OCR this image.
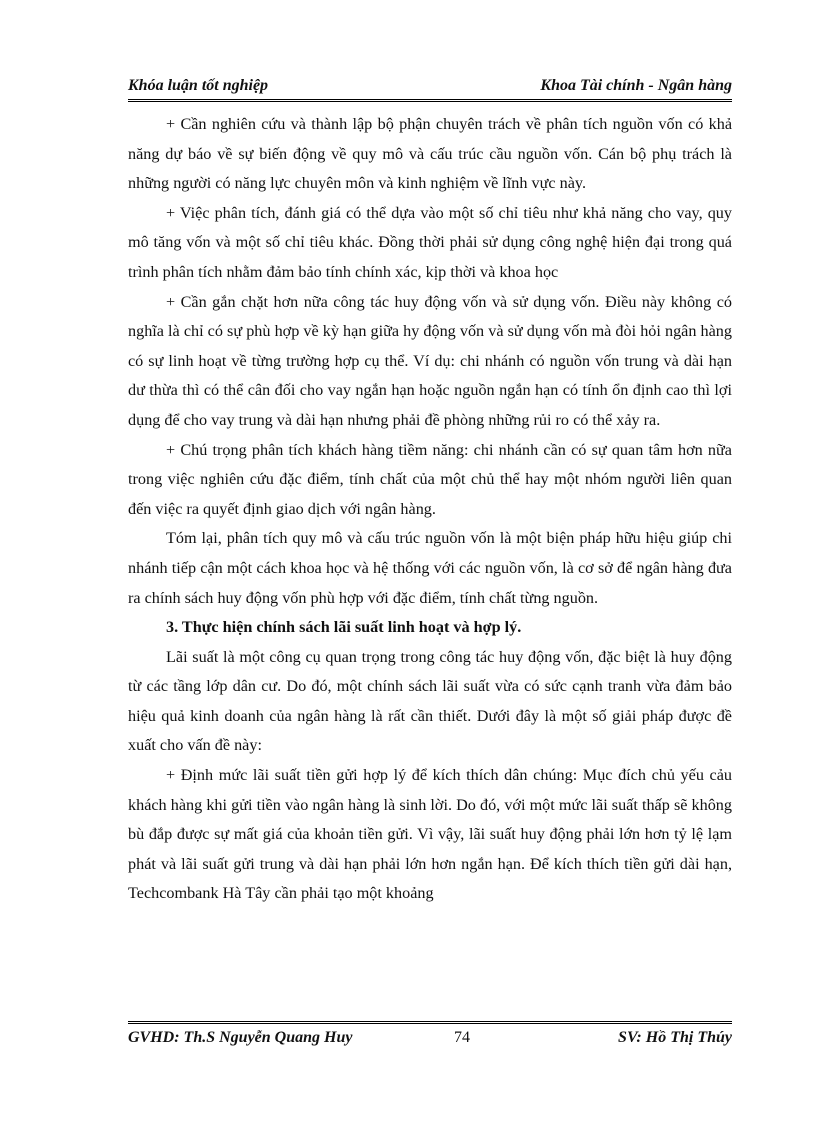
Khóa luận tốt nghiệp	Khoa Tài chính - Ngân hàng

+ Cần nghiên cứu và thành lập bộ phận chuyên trách về phân tích nguồn vốn có khả năng dự báo về sự biến động về quy mô và cấu trúc cầu nguồn vốn. Cán bộ phụ trách là những người có năng lực chuyên môn và kinh nghiệm về lĩnh vực này.

+ Việc phân tích, đánh giá có thể dựa vào một số chỉ tiêu như khả năng cho vay, quy mô tăng vốn và một số chỉ tiêu khác. Đồng thời phải sử dụng công nghệ hiện đại trong quá trình phân tích nhằm đảm bảo tính chính xác, kịp thời và khoa học

+ Cần gắn chặt hơn nữa công tác huy động vốn và sử dụng vốn. Điều này không có nghĩa là chỉ có sự phù hợp về kỳ hạn giữa hy động vốn và sử dụng vốn mà đòi hỏi ngân hàng có sự linh hoạt về từng trường hợp cụ thể. Ví dụ: chi nhánh có nguồn vốn trung và dài hạn dư thừa thì có thể cân đối cho vay ngắn hạn hoặc nguồn ngắn hạn có tính ổn định cao thì lợi dụng để cho vay trung và dài hạn nhưng phải đề phòng những rủi ro có thể xảy ra.

+ Chú trọng phân tích khách hàng tiềm năng: chi nhánh cần có sự quan tâm hơn nữa trong việc nghiên cứu đặc điểm, tính chất của một chủ thể hay một nhóm người liên quan đến việc ra quyết định giao dịch với ngân hàng.

Tóm lại, phân tích quy mô và cấu trúc nguồn vốn là một biện pháp hữu hiệu giúp chi nhánh tiếp cận một cách khoa học và hệ thống với các nguồn vốn, là cơ sở để ngân hàng đưa ra chính sách huy động vốn phù hợp với đặc điểm, tính chất từng nguồn.

3. Thực hiện chính sách lãi suất linh hoạt và hợp lý.

Lãi suất là một công cụ quan trọng trong công tác huy động vốn, đặc biệt là huy động từ các tầng lớp dân cư. Do đó, một chính sách lãi suất vừa có sức cạnh tranh vừa đảm bảo hiệu quả kinh doanh của ngân hàng là rất cần thiết. Dưới đây là một số giải pháp được đề xuất cho vấn đề này:

+ Định mức lãi suất tiền gửi hợp lý để kích thích dân chúng: Mục đích chủ yếu cảu khách hàng khi gửi tiền vào ngân hàng là sinh lời. Do đó, với một mức lãi suất thấp sẽ không bù đắp được sự mất giá của khoản tiền gửi. Vì vậy, lãi suất huy động phải lớn hơn tỷ lệ lạm phát và lãi suất gửi trung và dài hạn phải lớn hơn ngắn hạn. Để kích thích tiền gửi dài hạn, Techcombank Hà Tây cần phải tạo một khoảng

GVHD: Th.S Nguyễn Quang Huy	74	SV: Hồ Thị Thúy
